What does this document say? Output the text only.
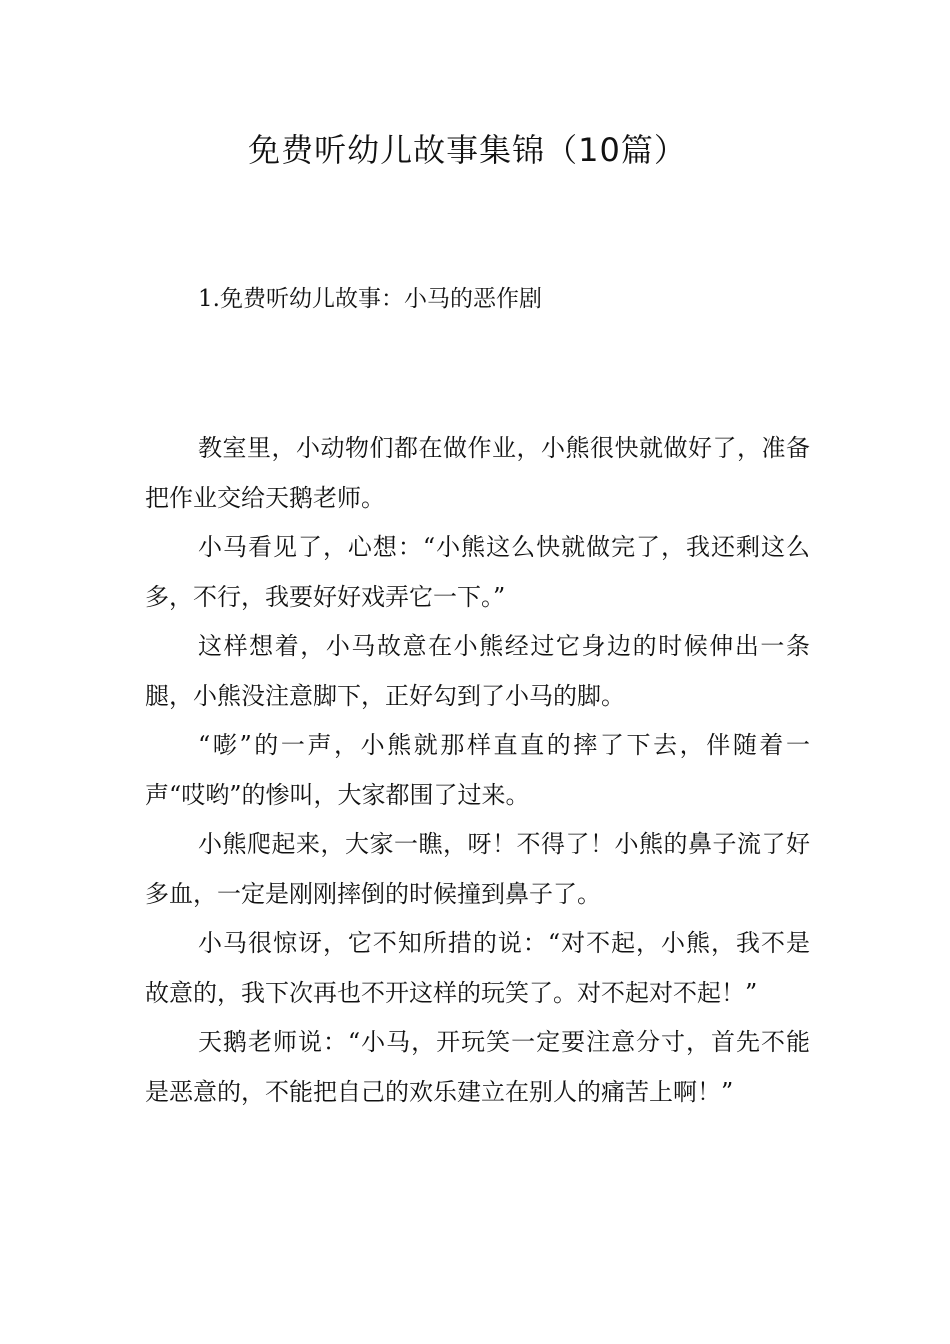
免费听幼儿故事集锦（10篇）
1.免费听幼儿故事：小马的恶作剧

教室里，小动物们都在做作业，小熊很快就做好了，准备把作业交给天鹅老师。

小马看见了，心想：“小熊这么快就做完了，我还剩这么多，不行，我要好好戏弄它一下。”

这样想着，小马故意在小熊经过它身边的时候伸出一条腿，小熊没注意脚下，正好勾到了小马的脚。

“嘭”的一声，小熊就那样直直的摔了下去，伴随着一声“哎哟”的惨叫，大家都围了过来。

小熊爬起来，大家一瞧，呀！不得了！小熊的鼻子流了好多血，一定是刚刚摔倒的时候撞到鼻子了。

小马很惊讶，它不知所措的说：“对不起，小熊，我不是故意的，我下次再也不开这样的玩笑了。对不起对不起！”

天鹅老师说：“小马，开玩笑一定要注意分寸，首先不能是恶意的，不能把自己的欢乐建立在别人的痛苦上啊！”
